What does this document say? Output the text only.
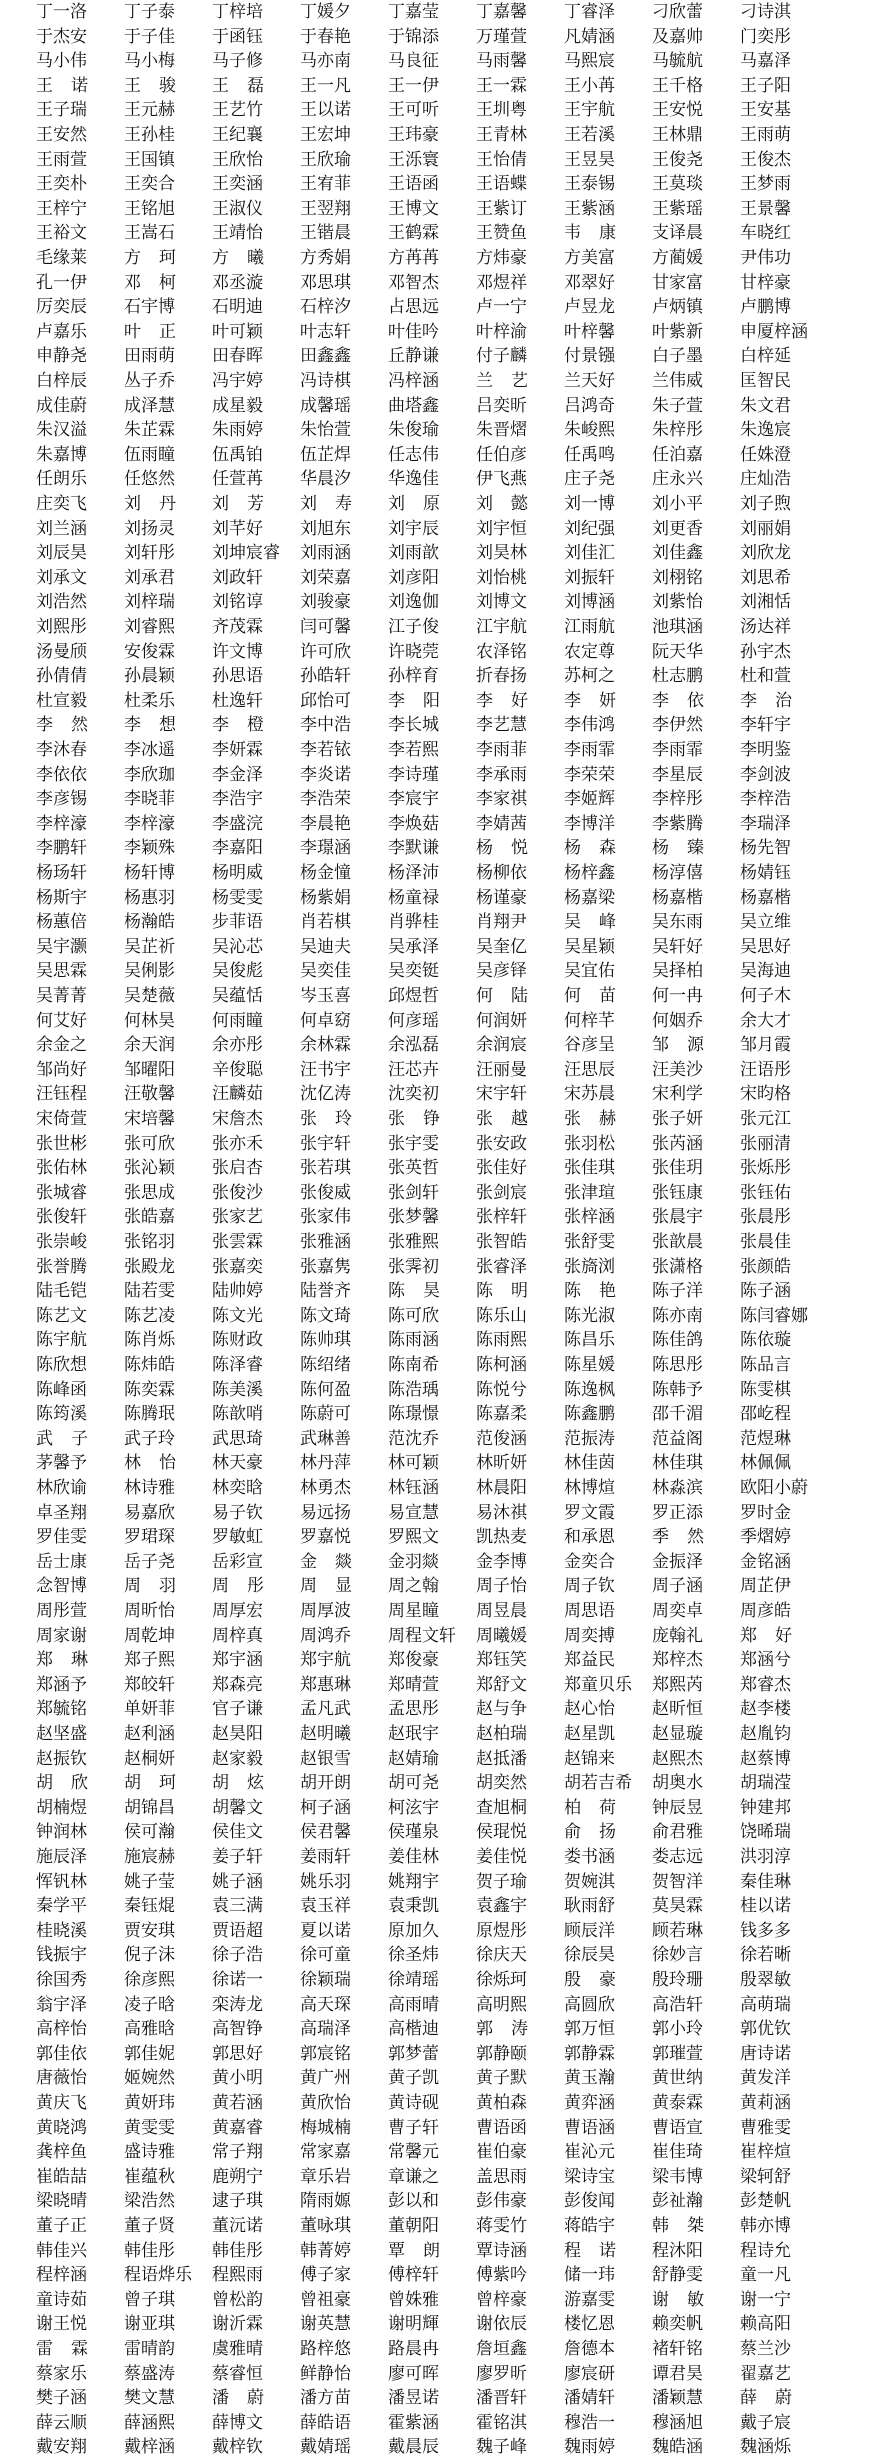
丁一洛 丁子泰 丁梓培 丁媛夕 丁嘉莹 丁嘉馨 丁睿泽 刁欣蕾 刁诗淇
于杰安 于子佳 于函钰 于春艳 于锦添 万瑾萱 凡婧涵 及嘉帅 门奕彤
马小伟 马小梅 马子修 马亦南 马良征 马雨馨 马熙宸 马毓航 马嘉泽
王诺 王骏 王磊 王一凡 王一伊 王一霖 王小苒 王千格 王子阳
王子瑞 王元赫 王艺竹 王以诺 王可听 王圳粤 王宇航 王安悦 王安基
王安然 王孙桂 王纪襄 王宏坤 王玮豪 王青林 王若溪 王林鼎 王雨萌
王雨萱 王国镇 王欣怡 王欣瑜 王泺寰 王怡倩 王昱昊 王俊尧 王俊杰
王奕朴 王奕合 王奕涵 王宥菲 王语函 王语蝶 王泰锡 王莫琰 王梦雨
王梓宁 王铭旭 王淑仪 王翌翔 王博文 王紫订 王紫涵 王紫瑶 王景馨
王裕文 王嵩石 王靖怡 王锴晨 王鹤霖 王赞鱼 韦康 支译晨 车晓红
毛缘莱 方珂 方曦 方秀娟 方苒苒 方炜豪 方美富 方蔺媛 尹伟功
孔一伊 邓柯 邓丞漩 邓思琪 邓智杰 邓煜祥 邓翠好 甘家富 甘梓豪
厉奕辰 石宇博 石明迪 石梓汐 占思远 卢一宁 卢昱龙 卢炳镇 卢鹏博
卢嘉乐 叶正 叶可颖 叶志轩 叶佳吟 叶梓渝 叶梓馨 叶紫新 申厦梓涵
申静尧 田雨萌 田春晖 田鑫鑫 丘静谦 付子麟 付景镪 白子墨 白梓延
白梓辰 丛子乔 冯宇婷 冯诗棋 冯梓涵 兰艺 兰天好 兰伟威 匡智民
成佳蔚 成泽慧 成星毅 成馨瑶 曲塔鑫 吕奕昕 吕鸿奇 朱子萱 朱文君
朱汉溢 朱芷霖 朱雨婷 朱怡萱 朱俊瑜 朱晋熠 朱峻熙 朱梓彤 朱逸宸
朱嘉博 伍雨瞳 伍禹铂 伍芷焊 任志伟 任伯彦 任禹鸣 任泊嘉 任姝澄
任朗乐 任悠然 任萱苒 华晨汐 华逸佳 伊飞燕 庄子尧 庄永兴 庄灿浩
庄奕飞 刘丹 刘芳 刘寿 刘原 刘懿 刘一博 刘小平 刘子煦
刘兰涵 刘扬灵 刘芊好 刘旭东 刘宇辰 刘宇恒 刘纪强 刘更香 刘丽娟
刘辰昊 刘轩彤 刘坤宸睿 刘雨涵 刘雨歆 刘昊林 刘佳汇 刘佳鑫 刘欣龙
刘承文 刘承君 刘政轩 刘荣嘉 刘彦阳 刘怡桃 刘振轩 刘栩铭 刘思希
刘浩然 刘梓瑞 刘铭谆 刘骏豪 刘逸伽 刘博文 刘博涵 刘紫怡 刘湘恬
刘熙彤 刘睿熙 齐茂霖 闫可馨 江子俊 江宇航 江雨航 池琪涵 汤达祥
汤曼颀 安俊霖 许文博 许可欣 许晓莞 农泽铭 农定尊 阮天华 孙宇杰
孙倩倩 孙晨颖 孙思语 孙皓轩 孙梓育 折春扬 苏柯之 杜志鹏 杜和萱
杜宣毅 杜柔乐 杜逸轩 邱怡可 李阳 李好 李妍 李依 李治
李然 李想 李橙 李中浩 李长城 李艺慧 李伟鸿 李伊然 李轩宇
李沐春 李冰遥 李妍霖 李若铱 李若熙 李雨菲 李雨霏 李雨霏 李明鉴
李依依 李欣珈 李金泽 李炎诺 李诗瑾 李承雨 李荣荣 李星辰 李剑波
李彦锡 李晓菲 李浩宇 李浩荣 李宸宇 李家祺 李姬辉 李梓彤 李梓浩
李梓濠 李梓濠 李盛浣 李晨艳 李焕菇 李婧茜 李博洋 李紫腾 李瑞泽
李鹏轩 李颖殊 李嘉阳 李璟涵 李默谦 杨悦 杨森 杨臻 杨先智
杨玚轩 杨轩博 杨明威 杨金憧 杨泽沛 杨柳依 杨梓鑫 杨淳僖 杨婧钰
杨斯宇 杨惠羽 杨雯雯 杨紫娟 杨童禄 杨谨豪 杨嘉梁 杨嘉楷 杨嘉楷
杨蕙倍 杨瀚皓 步菲语 肖若棋 肖骅桂 肖翔尹 吴峰 吴东雨 吴立维
吴宇灏 吴芷祈 吴沁芯 吴迪夫 吴承泽 吴奎亿 吴星颖 吴轩好 吴思好
吴思霖 吴俐影 吴俊彪 吴奕佳 吴奕铤 吴彦铎 吴宜佑 吴择柏 吴海迪
吴菁菁 吴楚薇 吴蕴恬 岑玉喜 邱煜哲 何陆 何苗 何一冉 何子木
何艾好 何林昊 何雨瞳 何卓窈 何彦瑶 何润妍 何梓芊 何姻乔 余大才
余金之 余天润 余亦彤 余林霖 余泓磊 余润宸 谷彦呈 邹源 邹月霞
邹尚好 邹曜阳 辛俊聪 汪书宇 汪芯卉 汪丽曼 汪思辰 汪美沙 汪语彤
汪钰程 汪敬馨 汪麟茹 沈亿涛 沈奕初 宋宇轩 宋苏晨 宋利学 宋昀格
宋倚萱 宋培馨 宋詹杰 张玲 张铮 张越 张赫 张子妍 张元江
张世彬 张可欣 张亦禾 张宇轩 张宇雯 张安政 张羽松 张芮涵 张丽清
张佑林 张沁颖 张启杏 张若琪 张英哲 张佳好 张佳琪 张佳玥 张烁彤
张城睿 张思成 张俊沙 张俊威 张剑轩 张剑宸 张津瑄 张钰康 张钰佑
张俊轩 张皓嘉 张家艺 张家伟 张梦馨 张梓轩 张梓涵 张晨宇 张晨彤
张崇峻 张铭羽 张雲霖 张雅涵 张雅熙 张智皓 张舒雯 张歆晨 张晨佳
张誉腾 张殿龙 张嘉奕 张嘉隽 张霁初 张睿泽 张旖浏 张潇格 张颜皓
陆毛铠 陆若雯 陆帅婷 陆誉齐 陈昊 陈明 陈艳 陈子洋 陈子涵
陈艺文 陈艺凌 陈文光 陈文琦 陈可欣 陈乐山 陈光淑 陈亦南 陈闫睿娜
陈宇航 陈肖烁 陈财政 陈帅琪 陈雨涵 陈雨熙 陈昌乐 陈佳鸽 陈依璇
陈欣想 陈炜皓 陈泽睿 陈绍绪 陈南希 陈柯涵 陈星媛 陈思彤 陈品言
陈峰函 陈奕霖 陈美溪 陈何盈 陈浩瑀 陈悦兮 陈逸枫 陈韩予 陈雯棋
陈筠溪 陈腾珉 陈歆哨 陈蔚可 陈璟憬 陈嘉柔 陈鑫鹏 邵千湄 邵屹程
武子 武子玲 武思琦 武琳善 范沈乔 范俊涵 范振涛 范益阁 范煜琳
茅馨予 林怡 林天豪 林丹萍 林可颖 林昕妍 林佳茵 林佳琪 林佩佩
林欣谕 林诗雅 林奕晗 林勇杰 林钰涵 林晨阳 林博煊 林淼滨 欧阳小蔚
卓圣翔 易嘉欣 易子钦 易远扬 易宣慧 易沐祺 罗文霞 罗正添 罗时金
罗佳雯 罗珺琛 罗敏虹 罗嘉悦 罗熙文 凯热麦 和承恩 季然 季熠婷
岳士康 岳子尧 岳彩宣 金燚 金羽燚 金李博 金奕合 金振泽 金铭涵
念智博 周羽 周彤 周显 周之翰 周子怡 周子钦 周子涵 周芷伊
周彤萱 周昕怡 周厚宏 周厚波 周星瞳 周昱晨 周思语 周奕卓 周彦皓
周家谢 周乾坤 周梓真 周鸿乔 周程文轩 周曦媛 周奕搏 庞翰礼 郑好
郑琳 郑子熙 郑宇涵 郑宇航 郑俊豪 郑钰笑 郑益民 郑梓杰 郑涵兮
郑涵予 郑皎轩 郑森亮 郑惠琳 郑晴萱 郑舒文 郑童贝乐 郑熙芮 郑睿杰
郑毓铭 单妍菲 官子谦 孟凡武 孟思彤 赵与争 赵心怡 赵昕恒 赵李楼
赵坚盛 赵利涵 赵昊阳 赵明曦 赵珉宇 赵柏瑞 赵星凯 赵显璇 赵胤钧
赵振钦 赵桐妍 赵家毅 赵银雪 赵婧瑜 赵抵潘 赵锦来 赵熙杰 赵蔡博
胡欣 胡珂 胡炫 胡开朗 胡可尧 胡奕然 胡若吉希 胡奥水 胡瑞滢
胡楠煜 胡锦昌 胡馨文 柯子涵 柯泫宇 查旭桐 柏荷 钟辰昱 钟建邦
钟润林 侯可瀚 侯佳文 侯君馨 侯瑾泉 侯琨悦 俞扬 俞君雅 饶晞瑞
施辰泽 施宸赫 姜子轩 姜雨轩 姜佳林 姜佳悦 娄书涵 娄志远 洪羽淳
恽钒林 姚子莹 姚子涵 姚乐羽 姚翔宇 贺子瑜 贺婉淇 贺智洋 秦佳琳
秦学平 秦钰焜 袁三满 袁玉祥 袁秉凯 袁鑫宇 耿雨舒 莫昊霖 桂以诺
桂晓溪 贾安琪 贾语超 夏以诺 原加久 原煜彤 顾辰洋 顾若琳 钱多多
钱振宇 倪子沫 徐子浩 徐可童 徐圣炜 徐庆天 徐辰昊 徐妙言 徐若晰
徐国秀 徐彦熙 徐诺一 徐颖瑞 徐靖瑶 徐烁珂 殷豪 殷玲珊 殷翠敏
翁宇泽 凌子晗 栾涛龙 高天琛 高雨晴 高明熙 高圆欣 高浩轩 高萌瑞
高梓怡 高雅晗 高智铮 高瑞泽 高楷迪 郭涛 郭万恒 郭小玲 郭优钦
郭佳依 郭佳妮 郭思好 郭宸铭 郭梦蕾 郭静颐 郭静霖 郭璀萱 唐诗诺
唐薇怡 姬婉然 黄小明 黄广州 黄子凯 黄子默 黄玉瀚 黄世纳 黄发洋
黄庆飞 黄妍玮 黄若涵 黄欣怡 黄诗砚 黄柏森 黄弈涵 黄泰霖 黄莉涵
黄晓鸿 黄雯雯 黄嘉睿 梅城楠 曹子轩 曹语函 曹语涵 曹语宣 曹雅雯
龚梓鱼 盛诗雅 常子翔 常家嘉 常馨元 崔伯豪 崔沁元 崔佳琦 崔梓煊
崔皓喆 崔蕴秋 鹿朔宁 章乐岩 章谦之 盖思雨 梁诗宝 梁韦博 梁轲舒
梁晓晴 梁浩然 逮子琪 隋雨嫄 彭以和 彭伟豪 彭俊闻 彭祉瀚 彭楚帆
董子正 董子贤 董沅诺 董咏琪 董朝阳 蒋雯竹 蒋皓宇 韩桀 韩亦博
韩佳兴 韩佳彤 韩佳彤 韩菁婷 覃朗 覃诗涵 程诺 程沐阳 程诗允
程梓涵 程语烨乐 程熙雨 傅子家 傅梓轩 傅紫吟 储一玮 舒静雯 童一凡
童诗茹 曾子琪 曾松韵 曾祖豪 曾姝雅 曾梓豪 游嘉雯 谢敏 谢一宁
谢王悦 谢亚琪 谢沂霖 谢英慧 谢明輝 谢依辰 楼忆恩 赖奕帆 赖高阳
雷霖 雷晴韵 虞雅晴 路梓悠 路晨冉 詹垣鑫 詹德本 褚轩铭 蔡兰沙
蔡家乐 蔡盛涛 蔡睿恒 鲜静怡 廖可晖 廖罗昕 廖宸研 谭君昊 翟嘉艺
樊子涵 樊文慧 潘蔚 潘方苗 潘昱诺 潘晋轩 潘婧轩 潘颖慧 薛蔚
薛云顺 薛涵熙 薛博文 薛皓语 霍紫涵 霍铭淇 穆浩一 穆涵旭 戴子宸
戴安翔 戴梓涵 戴梓钦 戴婧瑶 戴晨辰 魏子峰 魏雨婷 魏皓涵 魏涵烁
